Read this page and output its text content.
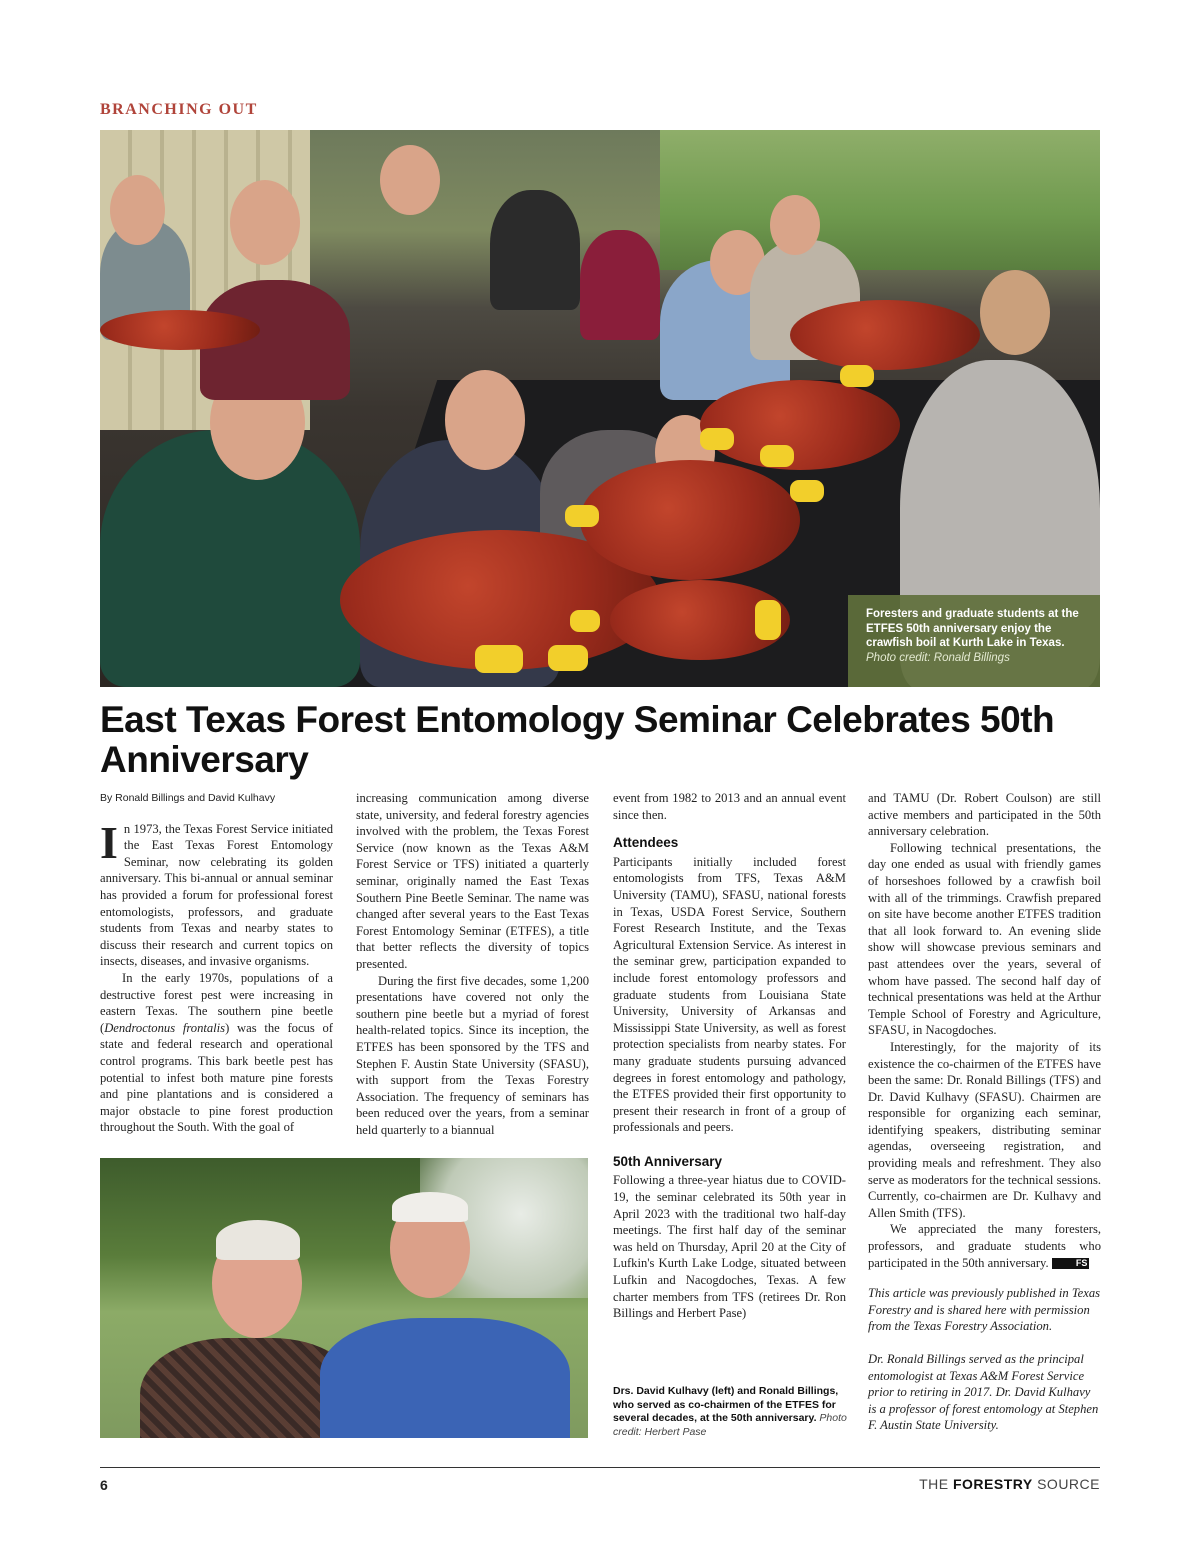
BRANCHING OUT
Foresters and graduate students at the ETFES 50th anniversary enjoy the crawfish boil at Kurth Lake in Texas. Photo credit: Ronald Billings
East Texas Forest Entomology Seminar Celebrates 50th Anniversary
By Ronald Billings and David Kulhavy

In 1973, the Texas Forest Service initiated the East Texas Forest Entomology Seminar, now celebrating its golden anniversary. This bi-annual or annual seminar has provided a forum for professional forest entomologists, professors, and graduate students from Texas and nearby states to discuss their research and current topics on insects, diseases, and invasive organisms.

In the early 1970s, populations of a destructive forest pest were increasing in eastern Texas. The southern pine beetle (Dendroctonus frontalis) was the focus of state and federal research and operational control programs. This bark beetle pest has potential to infest both mature pine forests and pine plantations and is considered a major obstacle to pine forest production throughout the South. With the goal of

increasing communication among diverse state, university, and federal forestry agencies involved with the problem, the Texas Forest Service (now known as the Texas A&M Forest Service or TFS) initiated a quarterly seminar, originally named the East Texas Southern Pine Beetle Seminar. The name was changed after several years to the East Texas Forest Entomology Seminar (ETFES), a title that better reflects the diversity of topics presented.

During the first five decades, some 1,200 presentations have covered not only the southern pine beetle but a myriad of forest health-related topics. Since its inception, the ETFES has been sponsored by the TFS and Stephen F. Austin State University (SFASU), with support from the Texas Forestry Association. The frequency of seminars has been reduced over the years, from a seminar held quarterly to a biannual

event from 1982 to 2013 and an annual event since then.

Attendees

Participants initially included forest entomologists from TFS, Texas A&M University (TAMU), SFASU, national forests in Texas, USDA Forest Service, Southern Forest Research Institute, and the Texas Agricultural Extension Service. As interest in the seminar grew, participation expanded to include forest entomology professors and graduate students from Louisiana State University, University of Arkansas and Mississippi State University, as well as forest protection specialists from nearby states. For many graduate students pursuing advanced degrees in forest entomology and pathology, the ETFES provided their first opportunity to present their research in front of a group of professionals and peers.

50th Anniversary

Following a three-year hiatus due to COVID-19, the seminar celebrated its 50th year in April 2023 with the traditional two half-day meetings. The first half day of the seminar was held on Thursday, April 20 at the City of Lufkin's Kurth Lake Lodge, situated between Lufkin and Nacogdoches, Texas. A few charter members from TFS (retirees Dr. Ron Billings and Herbert Pase)

and TAMU (Dr. Robert Coulson) are still active members and participated in the 50th anniversary celebration.

Following technical presentations, the day one ended as usual with friendly games of horseshoes followed by a crawfish boil with all of the trimmings. Crawfish prepared on site have become another ETFES tradition that all look forward to. An evening slide show will showcase previous seminars and past attendees over the years, several of whom have passed. The second half day of technical presentations was held at the Arthur Temple School of Forestry and Agriculture, SFASU, in Nacogdoches.

Interestingly, for the majority of its existence the co-chairmen of the ETFES have been the same: Dr. Ronald Billings (TFS) and Dr. David Kulhavy (SFASU). Chairmen are responsible for organizing each seminar, identifying speakers, distributing seminar agendas, overseeing registration, and providing meals and refreshment. They also serve as moderators for the technical sessions. Currently, co-chairmen are Dr. Kulhavy and Allen Smith (TFS).

We appreciated the many foresters, professors, and graduate students who participated in the 50th anniversary.	FS

This article was previously published in Texas Forestry and is shared here with permission from the Texas Forestry Association.

Dr. Ronald Billings served as the principal entomologist at Texas A&M Forest Service prior to retiring in 2017. Dr. David Kulhavy is a professor of forest entomology at Stephen F. Austin State University.

Drs. David Kulhavy (left) and Ronald Billings, who served as co-chairmen of the ETFES for several decades, at the 50th anniversary. Photo credit: Herbert Pase
6	THE FORESTRY SOURCE
